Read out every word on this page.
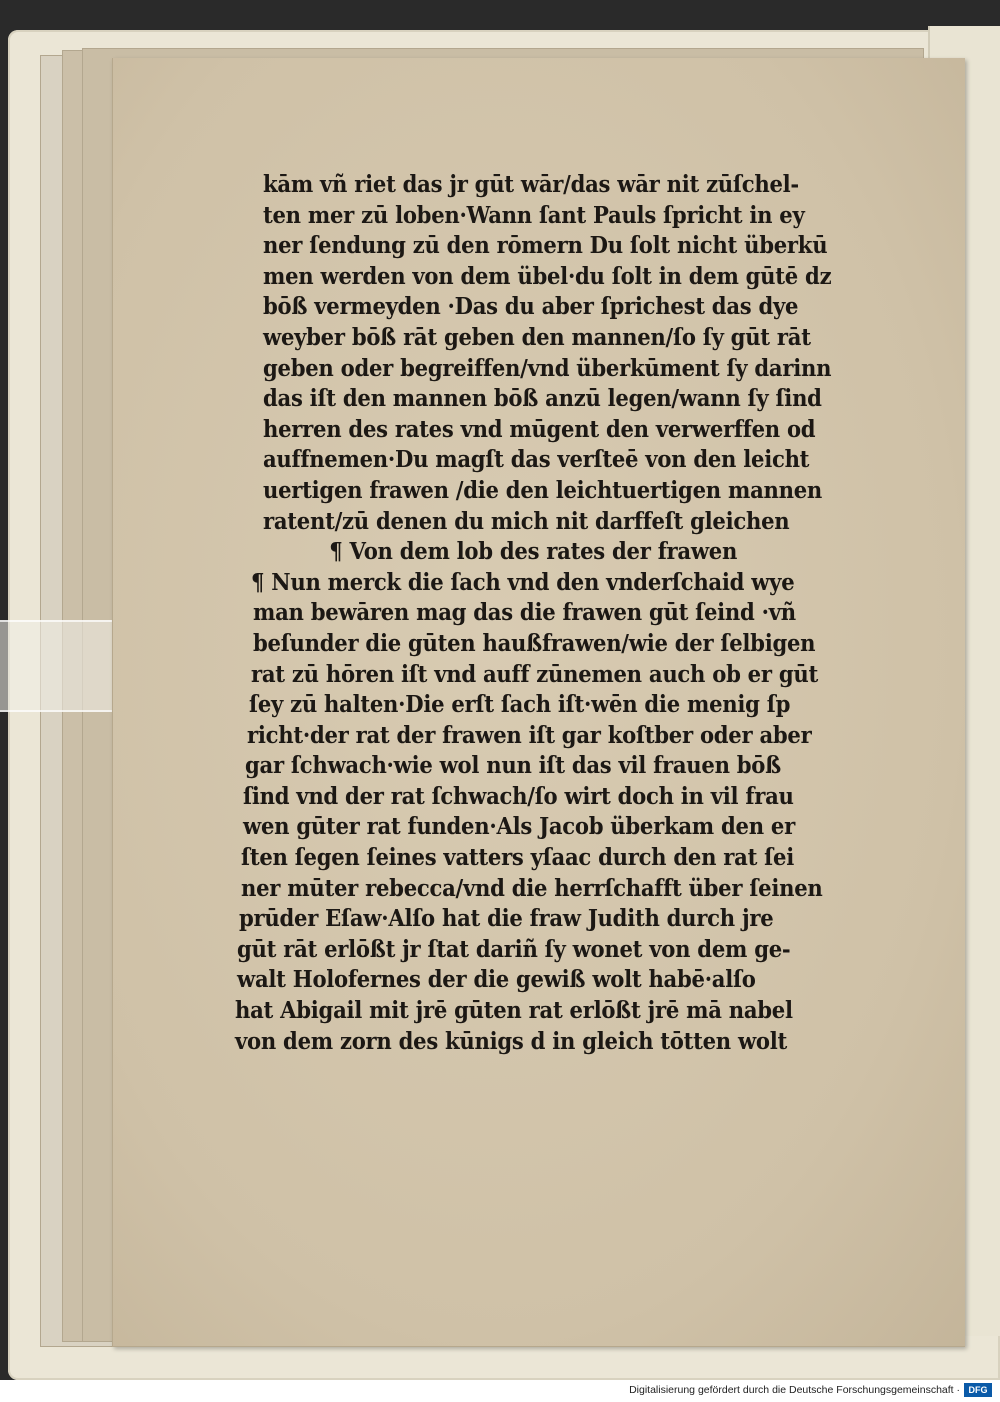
kām vñ riet das jr gūt wār/das wār nit zūſchel-
ten mer zū loben·Wann ſant Pauls ſpricht in ey
ner ſendung zū den rōmern Du ſolt nicht überkū
men werden von dem übel·du ſolt in dem gūtē dz
bōß vermeyden ·Das du aber ſprichest das dye
weyber bōß rāt geben den mannen/ſo ſy gūt rāt
geben oder begreiffen/vnd überkūment ſy darinn
das iſt den mannen bōß anzū legen/wann ſy ſind
herren des rates vnd mūgent den verwerffen od
auffnemen·Du magſt das verſteē von den leicht
uertigen frawen /die den leichtuertigen mannen
ratent/zū denen du mich nit darffeſt gleichen
¶ Von dem lob des rates der frawen
¶ Nun merck die ſach vnd den vnderſchaid wye
man bewāren mag das die frawen gūt ſeind ·vñ
beſunder die gūten haußfrawen/wie der ſelbigen
rat zū hōren iſt vnd auff zūnemen auch ob er gūt
ſey zū halten·Die erſt ſach iſt·wēn die menig ſp
richt·der rat der frawen iſt gar koſtber oder aber
gar ſchwach·wie wol nun iſt das vil frauen bōß
ſind vnd der rat ſchwach/ſo wirt doch in vil frau
wen gūter rat funden·Als Jacob überkam den er
ſten ſegen ſeines vatters yſaac durch den rat ſei
ner mūter rebecca/vnd die herrſchafft über ſeinen
prūder Eſaw·Alſo hat die fraw Judith durch jre
gūt rāt erlōßt jr ſtat dariñ ſy wonet von dem ge-
walt Holofernes der die gewiß wolt habē·alſo
hat Abigail mit jrē gūten rat erlōßt jrē mā nabel
von dem zorn des kūnigs d in gleich tōtten wolt
Digitalisierung gefördert durch die Deutsche Forschungsgemeinschaft · DFG
